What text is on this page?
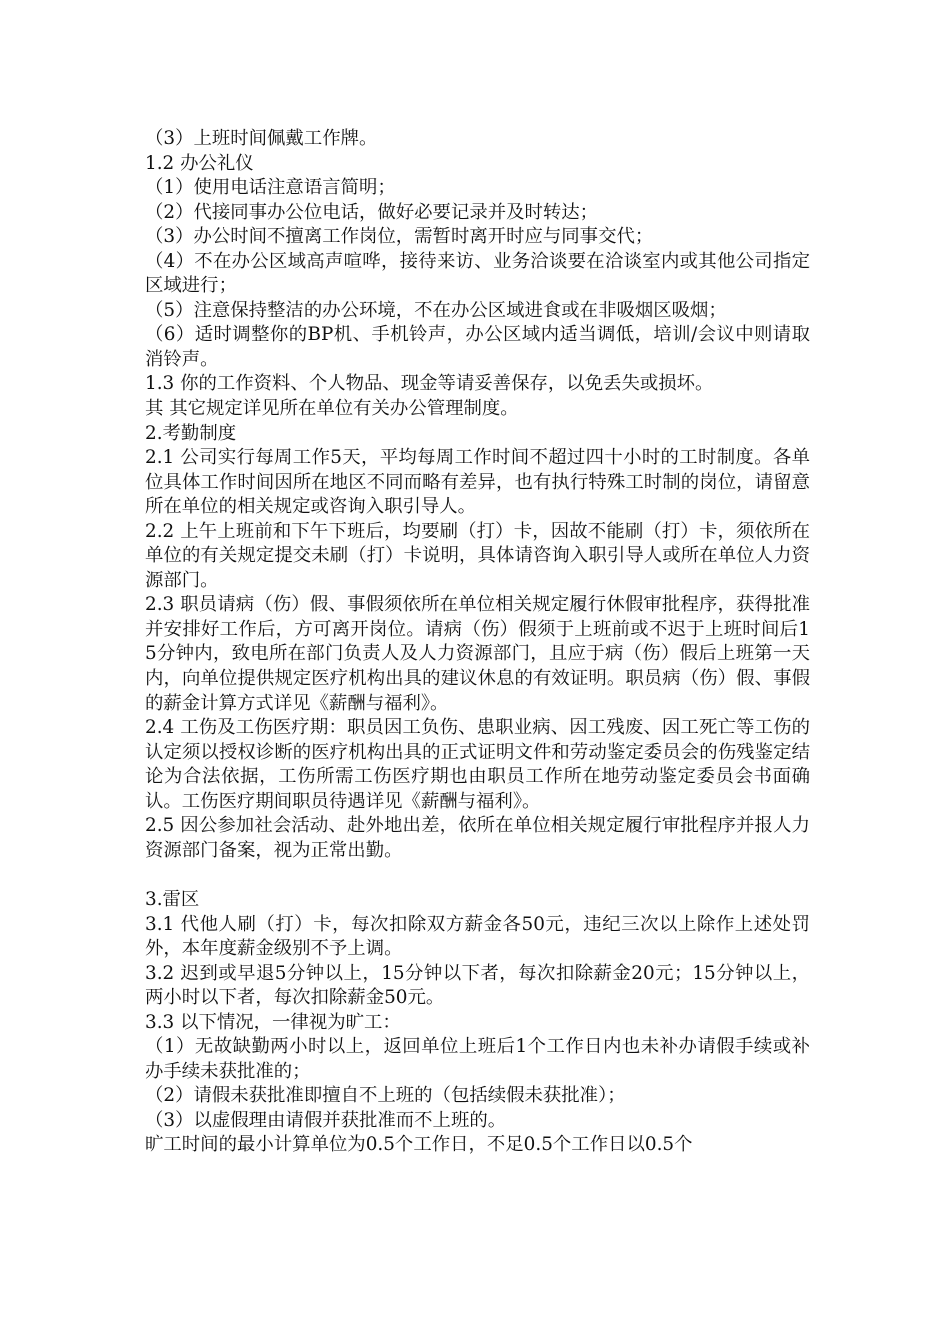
（3）上班时间佩戴工作牌。
1.2 办公礼仪
（1）使用电话注意语言简明；
（2）代接同事办公位电话，做好必要记录并及时转达；
（3）办公时间不擅离工作岗位，需暂时离开时应与同事交代；
（4）不在办公区域高声喧哗，接待来访、业务洽谈要在洽谈室内或其他公司指定区域进行；
（5）注意保持整洁的办公环境，不在办公区域进食或在非吸烟区吸烟；
（6）适时调整你的BP机、手机铃声，办公区域内适当调低，培训/会议中则请取消铃声。
1.3 你的工作资料、个人物品、现金等请妥善保存，以免丢失或损坏。
其 其它规定详见所在单位有关办公管理制度。
2.考勤制度
2.1 公司实行每周工作5天，平均每周工作时间不超过四十小时的工时制度。各单位具体工作时间因所在地区不同而略有差异，也有执行特殊工时制的岗位，请留意所在单位的相关规定或咨询入职引导人。
2.2 上午上班前和下午下班后，均要刷（打）卡，因故不能刷（打）卡，须依所在单位的有关规定提交未刷（打）卡说明，具体请咨询入职引导人或所在单位人力资源部门。
2.3 职员请病（伤）假、事假须依所在单位相关规定履行休假审批程序，获得批准并安排好工作后，方可离开岗位。请病（伤）假须于上班前或不迟于上班时间后15分钟内，致电所在部门负责人及人力资源部门，且应于病（伤）假后上班第一天内，向单位提供规定医疗机构出具的建议休息的有效证明。职员病（伤）假、事假的薪金计算方式详见《薪酬与福利》。
2.4 工伤及工伤医疗期：职员因工负伤、患职业病、因工残废、因工死亡等工伤的认定须以授权诊断的医疗机构出具的正式证明文件和劳动鉴定委员会的伤残鉴定结论为合法依据，工伤所需工伤医疗期也由职员工作所在地劳动鉴定委员会书面确认。工伤医疗期间职员待遇详见《薪酬与福利》。
2.5 因公参加社会活动、赴外地出差，依所在单位相关规定履行审批程序并报人力资源部门备案，视为正常出勤。
3.雷区
3.1 代他人刷（打）卡，每次扣除双方薪金各50元，违纪三次以上除作上述处罚外，本年度薪金级别不予上调。
3.2 迟到或早退5分钟以上，15分钟以下者，每次扣除薪金20元；15分钟以上，两小时以下者，每次扣除薪金50元。
3.3 以下情况，一律视为旷工：
（1）无故缺勤两小时以上，返回单位上班后1个工作日内也未补办请假手续或补办手续未获批准的；
（2）请假未获批准即擅自不上班的（包括续假未获批准）；
（3）以虚假理由请假并获批准而不上班的。
旷工时间的最小计算单位为0.5个工作日，不足0.5个工作日以0.5个
